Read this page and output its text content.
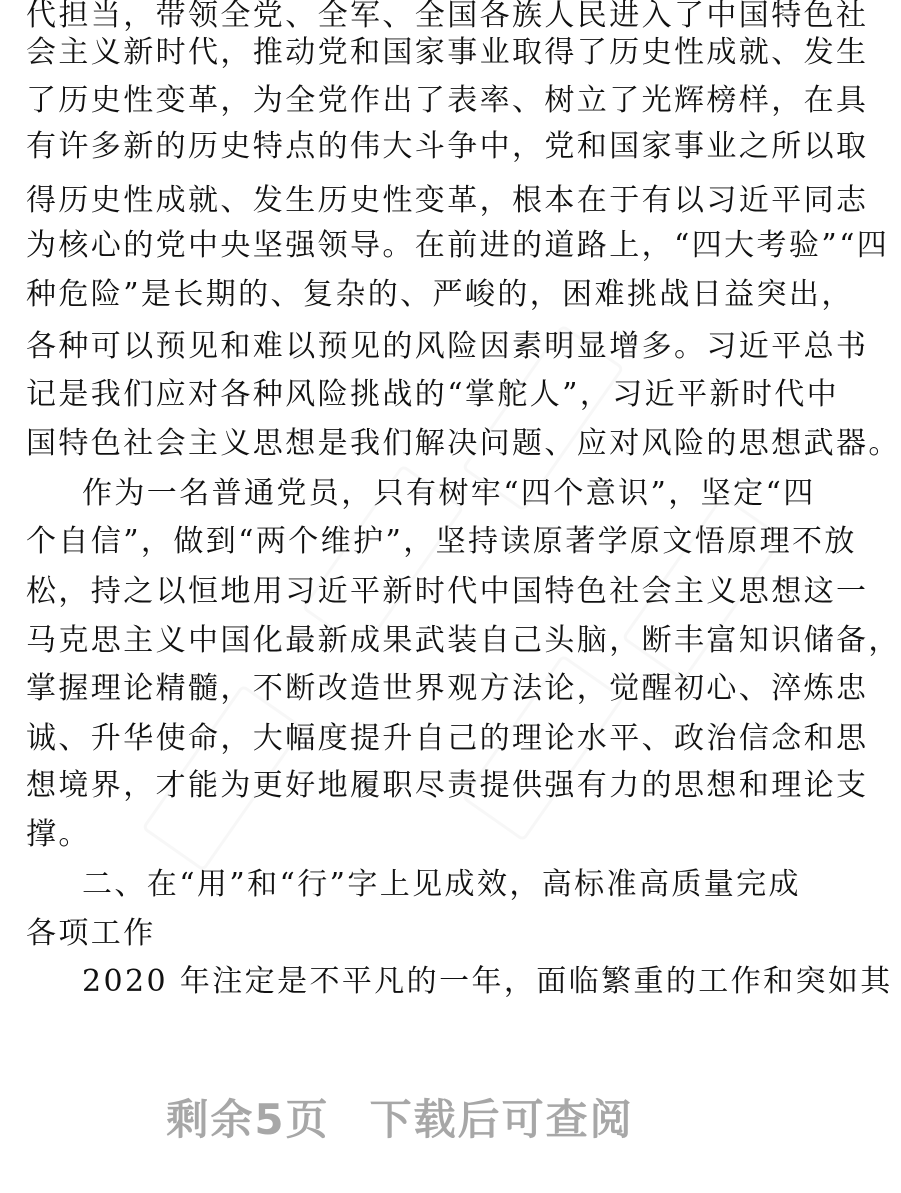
代担当，带领全党、全军、全国各族人民进入了中国特色社
会主义新时代，推动党和国家事业取得了历史性成就、发生
了历史性变革，为全党作出了表率、树立了光辉榜样，在具
有许多新的历史特点的伟大斗争中，党和国家事业之所以取
得历史性成就、发生历史性变革，根本在于有以习近平同志
为核心的党中央坚强领导。在前进的道路上，“四大考验”“四
种危险”是长期的、复杂的、严峻的，困难挑战日益突出，
各种可以预见和难以预见的风险因素明显增多。习近平总书
记是我们应对各种风险挑战的“掌舵人”，习近平新时代中
国特色社会主义思想是我们解决问题、应对风险的思想武器。
作为一名普通党员，只有树牢“四个意识”，坚定“四
个自信”，做到“两个维护”，坚持读原著学原文悟原理不放
松，持之以恒地用习近平新时代中国特色社会主义思想这一
马克思主义中国化最新成果武装自己头脑，断丰富知识储备，
掌握理论精髓，不断改造世界观方法论，觉醒初心、淬炼忠
诚、升华使命，大幅度提升自己的理论水平、政治信念和思
想境界，才能为更好地履职尽责提供强有力的思想和理论支
撑。
二、在“用”和“行”字上见成效，高标准高质量完成
各项工作
2020 年注定是不平凡的一年，面临繁重的工作和突如其
剩余5页 下载后可查阅
